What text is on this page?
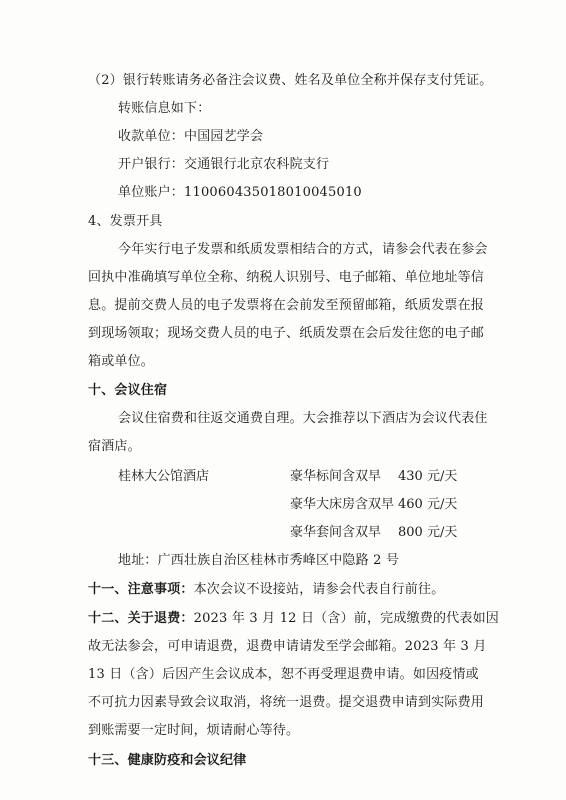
（2）银行转账请务必备注会议费、姓名及单位全称并保存支付凭证。
转账信息如下：
收款单位：中国园艺学会
开户银行：交通银行北京农科院支行
单位账户：110060435018010045010
4、发票开具
今年实行电子发票和纸质发票相结合的方式，请参会代表在参会
回执中准确填写单位全称、纳税人识别号、电子邮箱、单位地址等信
息。提前交费人员的电子发票将在会前发至预留邮箱，纸质发票在报
到现场领取；现场交费人员的电子、纸质发票在会后发往您的电子邮
箱或单位。
十、会议住宿
会议住宿费和往返交通费自理。大会推荐以下酒店为会议代表住
宿酒店。
桂林大公馆酒店	豪华标间含双早 430 元/天
豪华大床房含双早 460 元/天
豪华套间含双早 800 元/天
地址：广西壮族自治区桂林市秀峰区中隐路 2 号
十一、注意事项：本次会议不设接站，请参会代表自行前往。
十二、关于退费：2023 年 3 月 12 日（含）前，完成缴费的代表如因
故无法参会，可申请退费，退费申请请发至学会邮箱。2023 年 3 月
13 日（含）后因产生会议成本，恕不再受理退费申请。如因疫情或
不可抗力因素导致会议取消，将统一退费。提交退费申请到实际费用
到账需要一定时间，烦请耐心等待。
十三、健康防疫和会议纪律
